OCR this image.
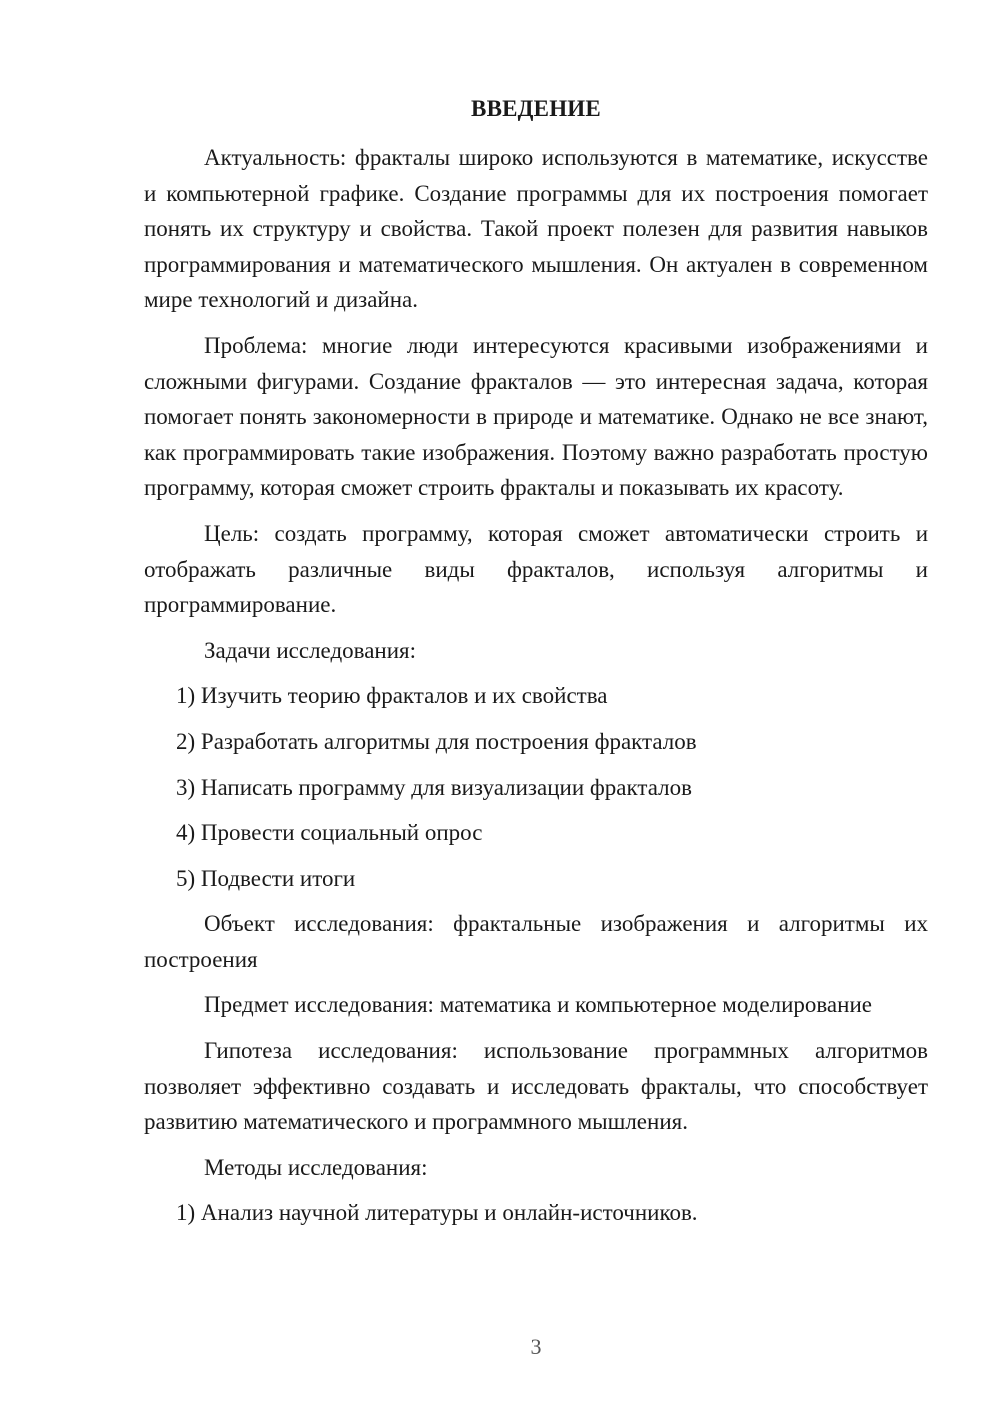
ВВЕДЕНИЕ

Актуальность: фракталы широко используются в математике, искусстве и компьютерной графике. Создание программы для их построения помогает понять их структуру и свойства. Такой проект полезен для развития навыков программирования и математического мышления. Он актуален в современном мире технологий и дизайна.

Проблема: многие люди интересуются красивыми изображениями и сложными фигурами. Создание фракталов — это интересная задача, которая помогает понять закономерности в природе и математике. Однако не все знают, как программировать такие изображения. Поэтому важно разработать простую программу, которая сможет строить фракталы и показывать их красоту.

Цель: создать программу, которая сможет автоматически строить и отображать различные виды фракталов, используя алгоритмы и программирование.

Задачи исследования:

1) Изучить теорию фракталов и их свойства
2) Разработать алгоритмы для построения фракталов
3) Написать программу для визуализации фракталов
4) Провести социальный опрос
5) Подвести итоги

Объект исследования: фрактальные изображения и алгоритмы их построения

Предмет исследования: математика и компьютерное моделирование

Гипотеза исследования: использование программных алгоритмов позволяет эффективно создавать и исследовать фракталы, что способствует развитию математического и программного мышления.

Методы исследования:

1) Анализ научной литературы и онлайн-источников.
3
